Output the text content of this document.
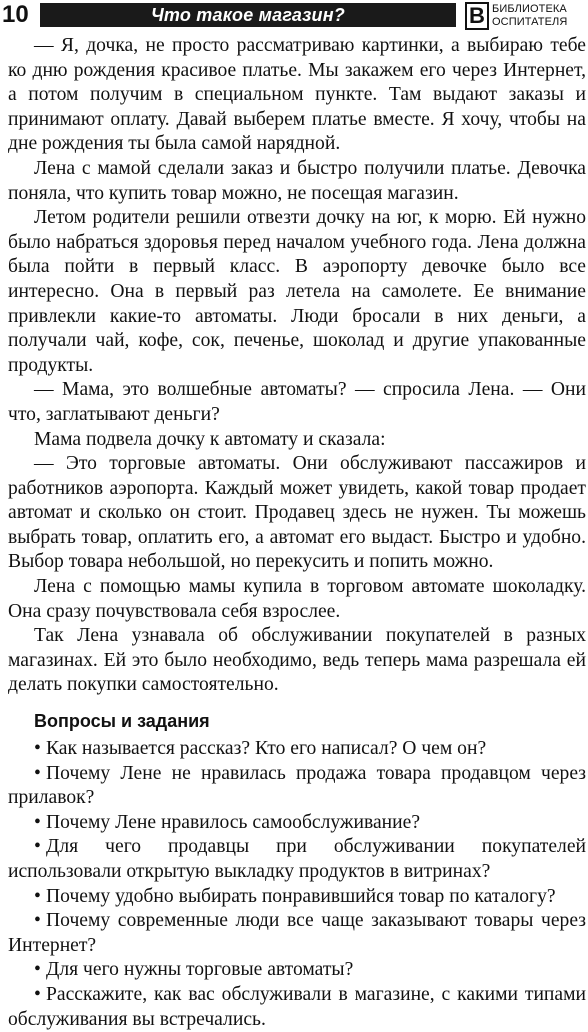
10	Что такое магазин?	В БИБЛИОТЕКА
ОСПИТАТЕЛЯ

— Я, дочка, не просто рассматриваю картинки, а выбираю тебе ко дню рождения красивое платье. Мы закажем его через Интернет, а потом получим в специальном пункте. Там выдают заказы и принимают оплату. Давай выберем платье вместе. Я хочу, чтобы на дне рождения ты была самой нарядной.

Лена с мамой сделали заказ и быстро получили платье. Девочка поняла, что купить товар можно, не посещая магазин.

Летом родители решили отвезти дочку на юг, к морю. Ей нужно было набраться здоровья перед началом учебного года. Лена должна была пойти в первый класс. В аэропорту девочке было все интересно. Она в первый раз летела на самолете. Ее внимание привлекли какие-то автоматы. Люди бросали в них деньги, а получали чай, кофе, сок, печенье, шоколад и другие упакованные продукты.

— Мама, это волшебные автоматы? — спросила Лена. — Они что, заглатывают деньги?

Мама подвела дочку к автомату и сказала:

— Это торговые автоматы. Они обслуживают пассажиров и работников аэропорта. Каждый может увидеть, какой товар продает автомат и сколько он стоит. Продавец здесь не нужен. Ты можешь выбрать товар, оплатить его, а автомат его выдаст. Быстро и удобно. Выбор товара небольшой, но перекусить и попить можно.

Лена с помощью мамы купила в торговом автомате шоколадку. Она сразу почувствовала себя взрослее.

Так Лена узнавала об обслуживании покупателей в разных магазинах. Ей это было необходимо, ведь теперь мама разрешала ей делать покупки самостоятельно.

Вопросы и задания

• Как называется рассказ? Кто его написал? О чем он?

• Почему Лене не нравилась продажа товара продавцом через прилавок?

• Почему Лене нравилось самообслуживание?

• Для чего продавцы при обслуживании покупателей использовали открытую выкладку продуктов в витринах?

• Почему удобно выбирать понравившийся товар по каталогу?

• Почему современные люди все чаще заказывают товары через Интернет?

• Для чего нужны торговые автоматы?

• Расскажите, как вас обслуживали в магазине, с какими типами обслуживания вы встречались.
